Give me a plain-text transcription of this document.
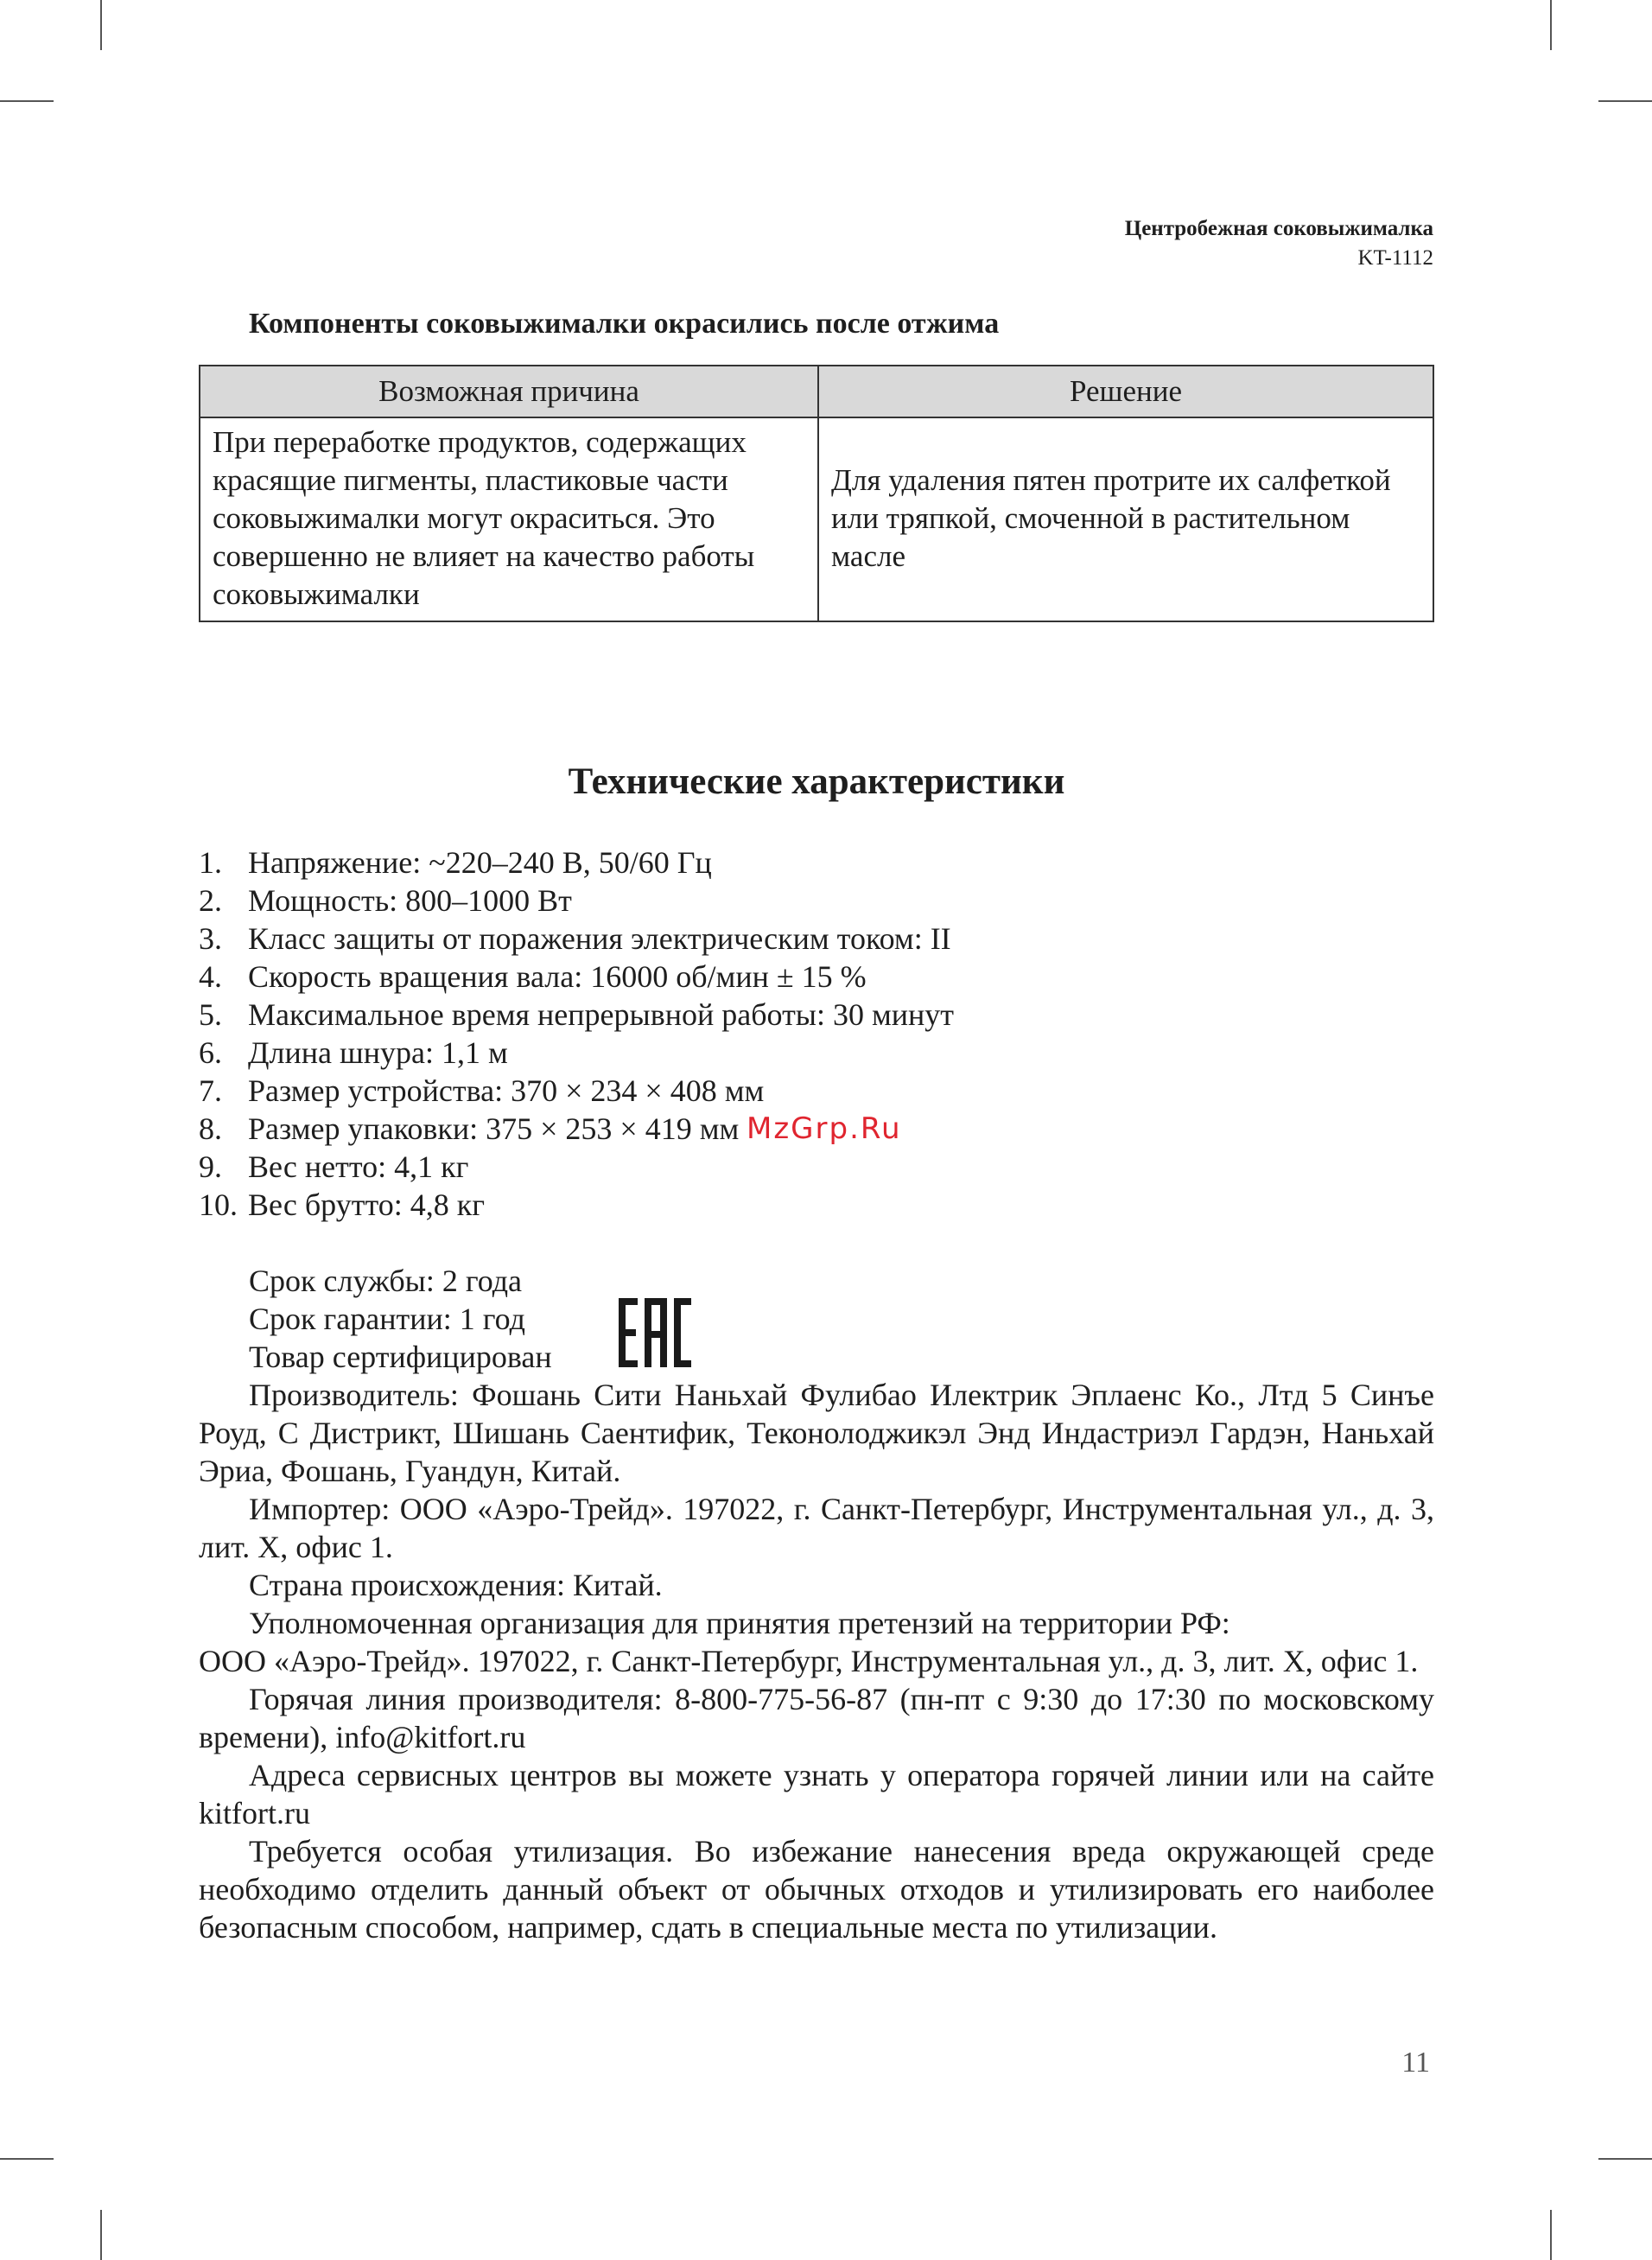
Центробежная соковыжималка
KT-1112
Компоненты соковыжималки окрасились после отжима
Возможная причина	Решение
При переработке продуктов, содержащих красящие пигменты, пластиковые части соковыжималки могут окраситься. Это совершенно не влияет на качество работы соковыжималки	Для удаления пятен протрите их салфеткой или тряпкой, смоченной в растительном масле
Технические характеристики
1. Напряжение: ~220–240 В, 50/60 Гц
2. Мощность: 800–1000 Вт
3. Класс защиты от поражения электрическим током: II
4. Скорость вращения вала: 16000 об/мин ± 15 %
5. Максимальное время непрерывной работы: 30 минут
6. Длина шнура: 1,1 м
7. Размер устройства: 370 × 234 × 408 мм
8. Размер упаковки: 375 × 253 × 419 мм
9. Вес нетто: 4,1 кг
10. Вес брутто: 4,8 кг
MzGrp.Ru
Срок службы: 2 года
Срок гарантии: 1 год
Товар сертифицирован

Производитель: Фошань Сити Наньхай Фулибао Илектрик Эплаенс Ко., Лтд 5 Синъе Роуд, С Дистрикт, Шишань Саентифик, Теконолоджикэл Энд Индастриэл Гардэн, Наньхай Эриа, Фошань, Гуандун, Китай.

Импортер: ООО «Аэро-Трейд». 197022, г. Санкт-Петербург, Инструментальная ул., д. 3, лит. Х, офис 1.

Страна происхождения: Китай.

Уполномоченная организация для принятия претензий на территории РФ:

ООО «Аэро-Трейд». 197022, г. Санкт-Петербург, Инструментальная ул., д. 3, лит. Х, офис 1.

Горячая линия производителя: 8-800-775-56-87 (пн-пт с 9:30 до 17:30 по московскому времени), info@kitfort.ru

Адреса сервисных центров вы можете узнать у оператора горячей линии или на сайте kitfort.ru

Требуется особая утилизация. Во избежание нанесения вреда окружающей среде необходимо отделить данный объект от обычных отходов и утилизировать его наиболее безопасным способом, например, сдать в специальные места по утилизации.

11
